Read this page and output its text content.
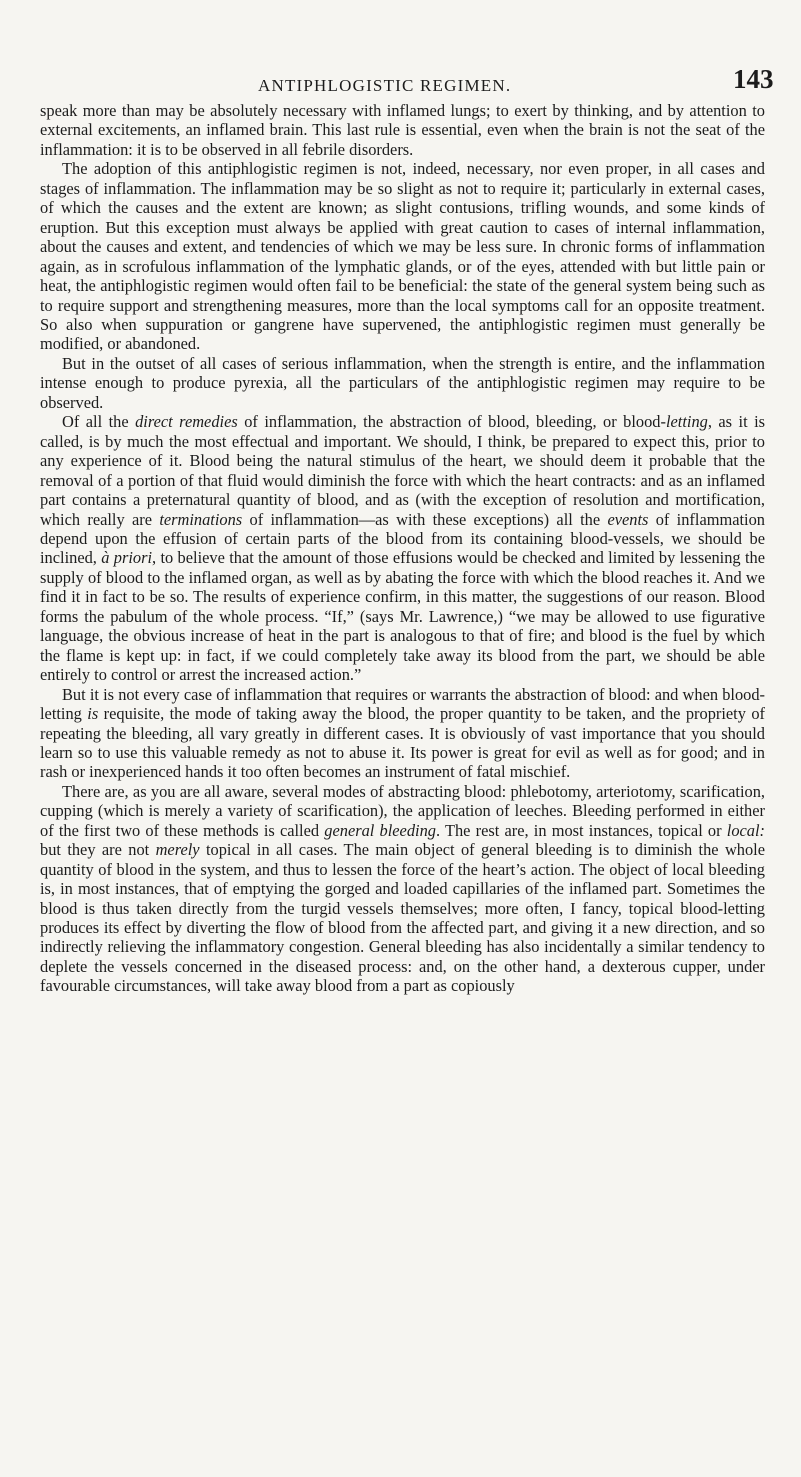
ANTIPHLOGISTIC REGIMEN.	143

speak more than may be absolutely necessary with inflamed lungs; to exert by thinking, and by attention to external excitements, an inflamed brain. This last rule is essential, even when the brain is not the seat of the inflammation: it is to be observed in all febrile disorders.

The adoption of this antiphlogistic regimen is not, indeed, necessary, nor even proper, in all cases and stages of inflammation. The inflammation may be so slight as not to require it; particularly in external cases, of which the causes and the extent are known; as slight contusions, trifling wounds, and some kinds of eruption. But this exception must always be applied with great caution to cases of internal inflammation, about the causes and extent, and tendencies of which we may be less sure. In chronic forms of inflammation again, as in scrofulous inflammation of the lymphatic glands, or of the eyes, attended with but little pain or heat, the antiphlogistic regimen would often fail to be beneficial: the state of the general system being such as to require support and strengthening measures, more than the local symptoms call for an opposite treatment. So also when suppuration or gangrene have supervened, the antiphlogistic regimen must generally be modified, or abandoned.

But in the outset of all cases of serious inflammation, when the strength is entire, and the inflammation intense enough to produce pyrexia, all the particulars of the antiphlogistic regimen may require to be observed.

Of all the direct remedies of inflammation, the abstraction of blood, bleeding, or blood-letting, as it is called, is by much the most effectual and important. We should, I think, be prepared to expect this, prior to any experience of it. Blood being the natural stimulus of the heart, we should deem it probable that the removal of a portion of that fluid would diminish the force with which the heart contracts: and as an inflamed part contains a preternatural quantity of blood, and as (with the exception of resolution and mortification, which really are terminations of inflammation—as with these exceptions) all the events of inflammation depend upon the effusion of certain parts of the blood from its containing blood-vessels, we should be inclined, à priori, to believe that the amount of those effusions would be checked and limited by lessening the supply of blood to the inflamed organ, as well as by abating the force with which the blood reaches it. And we find it in fact to be so. The results of experience confirm, in this matter, the suggestions of our reason. Blood forms the pabulum of the whole process. “If,” (says Mr. Lawrence,) “we may be allowed to use figurative language, the obvious increase of heat in the part is analogous to that of fire; and blood is the fuel by which the flame is kept up: in fact, if we could completely take away its blood from the part, we should be able entirely to control or arrest the increased action.”

But it is not every case of inflammation that requires or warrants the abstraction of blood: and when blood-letting is requisite, the mode of taking away the blood, the proper quantity to be taken, and the propriety of repeating the bleeding, all vary greatly in different cases. It is obviously of vast importance that you should learn so to use this valuable remedy as not to abuse it. Its power is great for evil as well as for good; and in rash or inexperienced hands it too often becomes an instrument of fatal mischief.

There are, as you are all aware, several modes of abstracting blood: phlebotomy, arteriotomy, scarification, cupping (which is merely a variety of scarification), the application of leeches. Bleeding performed in either of the first two of these methods is called general bleeding. The rest are, in most instances, topical or local: but they are not merely topical in all cases. The main object of general bleeding is to diminish the whole quantity of blood in the system, and thus to lessen the force of the heart’s action. The object of local bleeding is, in most instances, that of emptying the gorged and loaded capillaries of the inflamed part. Sometimes the blood is thus taken directly from the turgid vessels themselves; more often, I fancy, topical blood-letting produces its effect by diverting the flow of blood from the affected part, and giving it a new direction, and so indirectly relieving the inflammatory congestion. General bleeding has also incidentally a similar tendency to deplete the vessels concerned in the diseased process: and, on the other hand, a dexterous cupper, under favourable circumstances, will take away blood from a part as copiously
